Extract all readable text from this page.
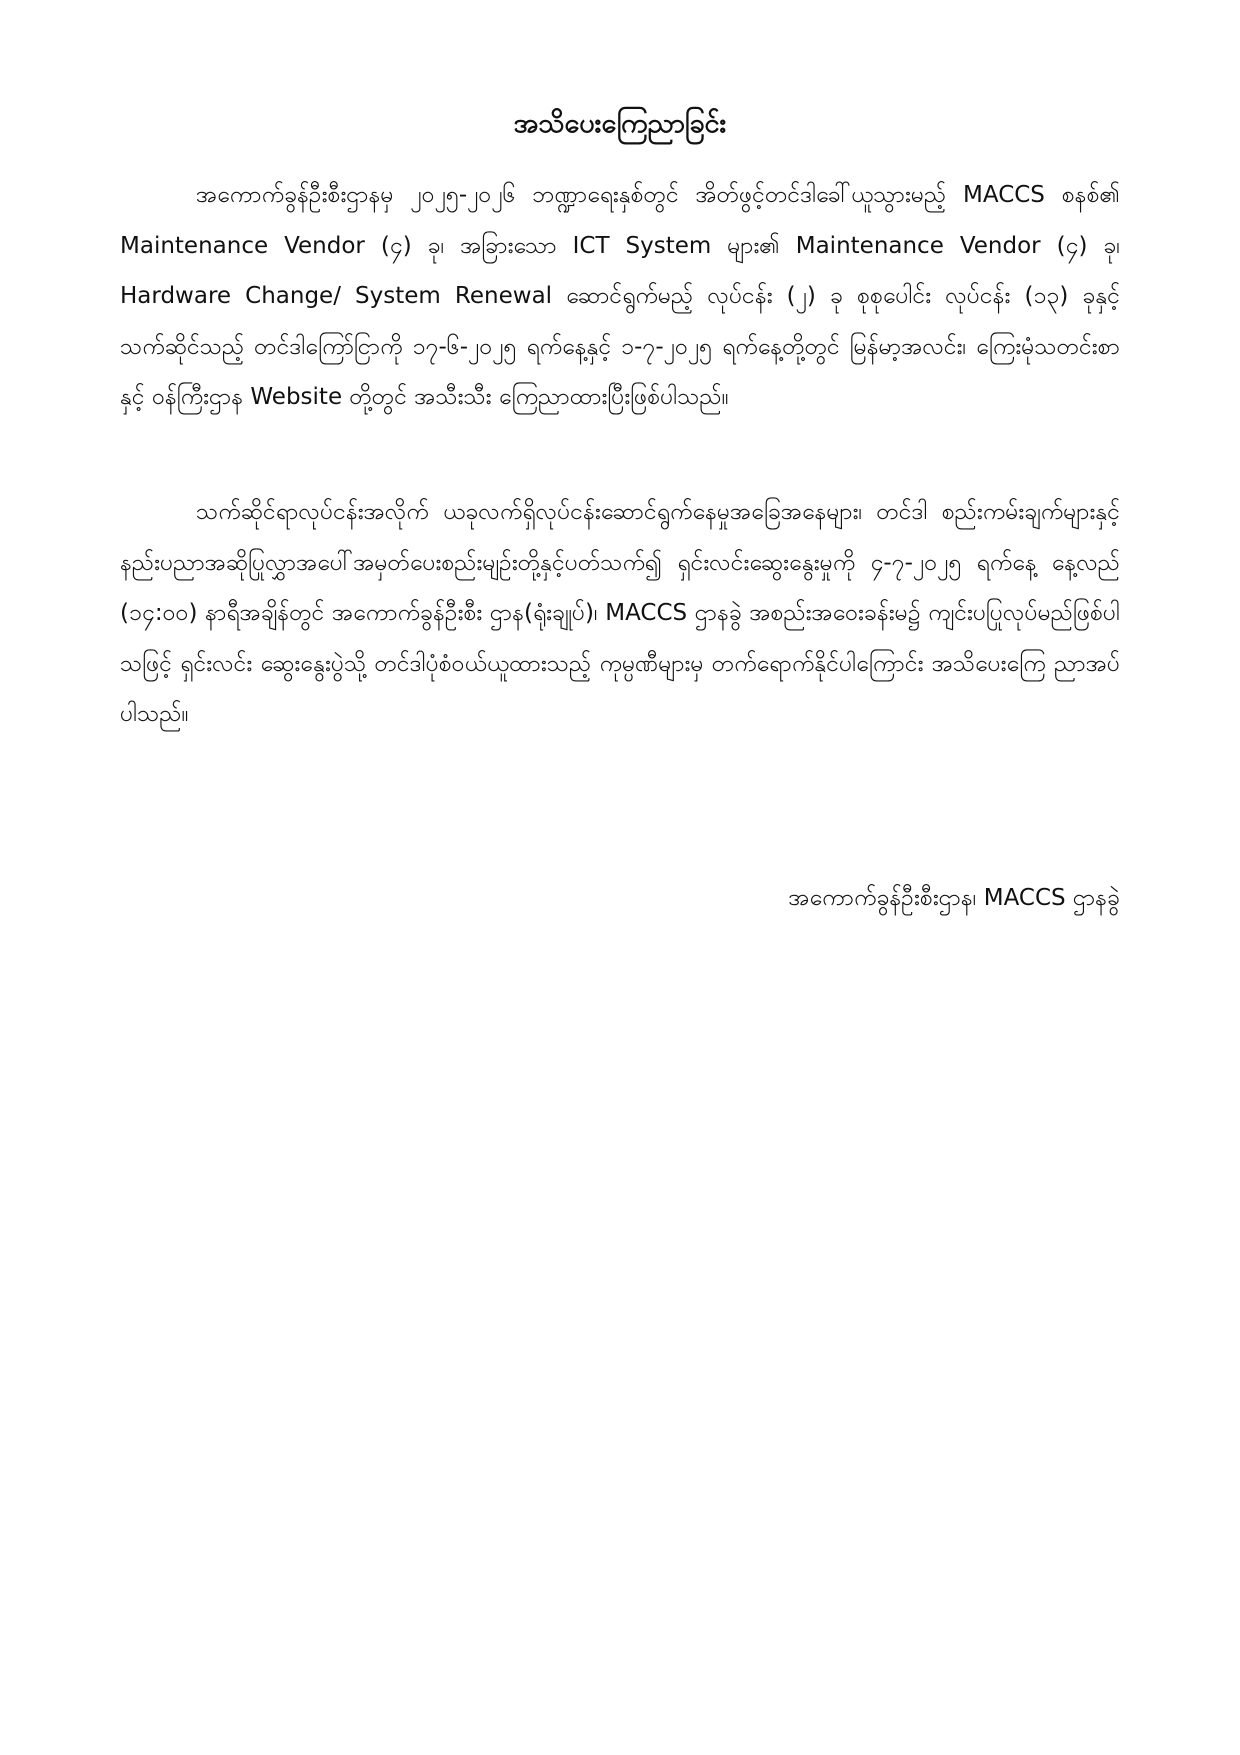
အသိပေးကြေညာခြင်း

အကောက်ခွန်ဦးစီးဌာနမှ ၂၀၂၅-၂၀၂၆ ဘဏ္ဍာရေးနှစ်တွင် အိတ်ဖွင့်တင်ဒါခေါ်ယူသွားမည့် MACCS စနစ်၏ Maintenance Vendor (၄) ခု၊ အခြားသော ICT System များ၏ Maintenance Vendor (၄) ခု၊ Hardware Change/ System Renewal ဆောင်ရွက်မည့် လုပ်ငန်း (၂) ခု စုစုပေါင်း လုပ်ငန်း (၁၃) ခုနှင့်သက်ဆိုင်သည့် တင်ဒါကြော်ငြာကို ၁၇-၆-၂၀၂၅ ရက်နေ့နှင့် ၁-၇-၂၀၂၅ ရက်နေ့တို့တွင် မြန်မာ့အလင်း၊ ကြေးမုံသတင်းစာနှင့် ဝန်ကြီးဌာန Website တို့တွင် အသီးသီး ကြေညာထားပြီးဖြစ်ပါသည်။

သက်ဆိုင်ရာလုပ်ငန်းအလိုက် ယခုလက်ရှိလုပ်ငန်းဆောင်ရွက်နေမှုအခြေအနေများ၊ တင်ဒါ စည်းကမ်းချက်များနှင့် နည်းပညာအဆိုပြုလွှာအပေါ်အမှတ်ပေးစည်းမျဉ်းတို့နှင့်ပတ်သက်၍ ရှင်းလင်းဆွေးနွေးမှုကို ၄-၇-၂၀၂၅ ရက်နေ့ နေ့လည် (၁၄:၀၀) နာရီအချိန်တွင် အကောက်ခွန်ဦးစီး ဌာန(ရုံးချုပ်)၊ MACCS ဌာနခွဲ အစည်းအဝေးခန်းမ၌ ကျင်းပပြုလုပ်မည်ဖြစ်ပါသဖြင့် ရှင်းလင်း ဆွေးနွေးပွဲသို့ တင်ဒါပုံစံဝယ်ယူထားသည့် ကုမ္ပဏီများမှ တက်ရောက်နိုင်ပါကြောင်း အသိပေးကြေ ညာအပ်ပါသည်။

အကောက်ခွန်ဦးစီးဌာန၊ MACCS ဌာနခွဲ
